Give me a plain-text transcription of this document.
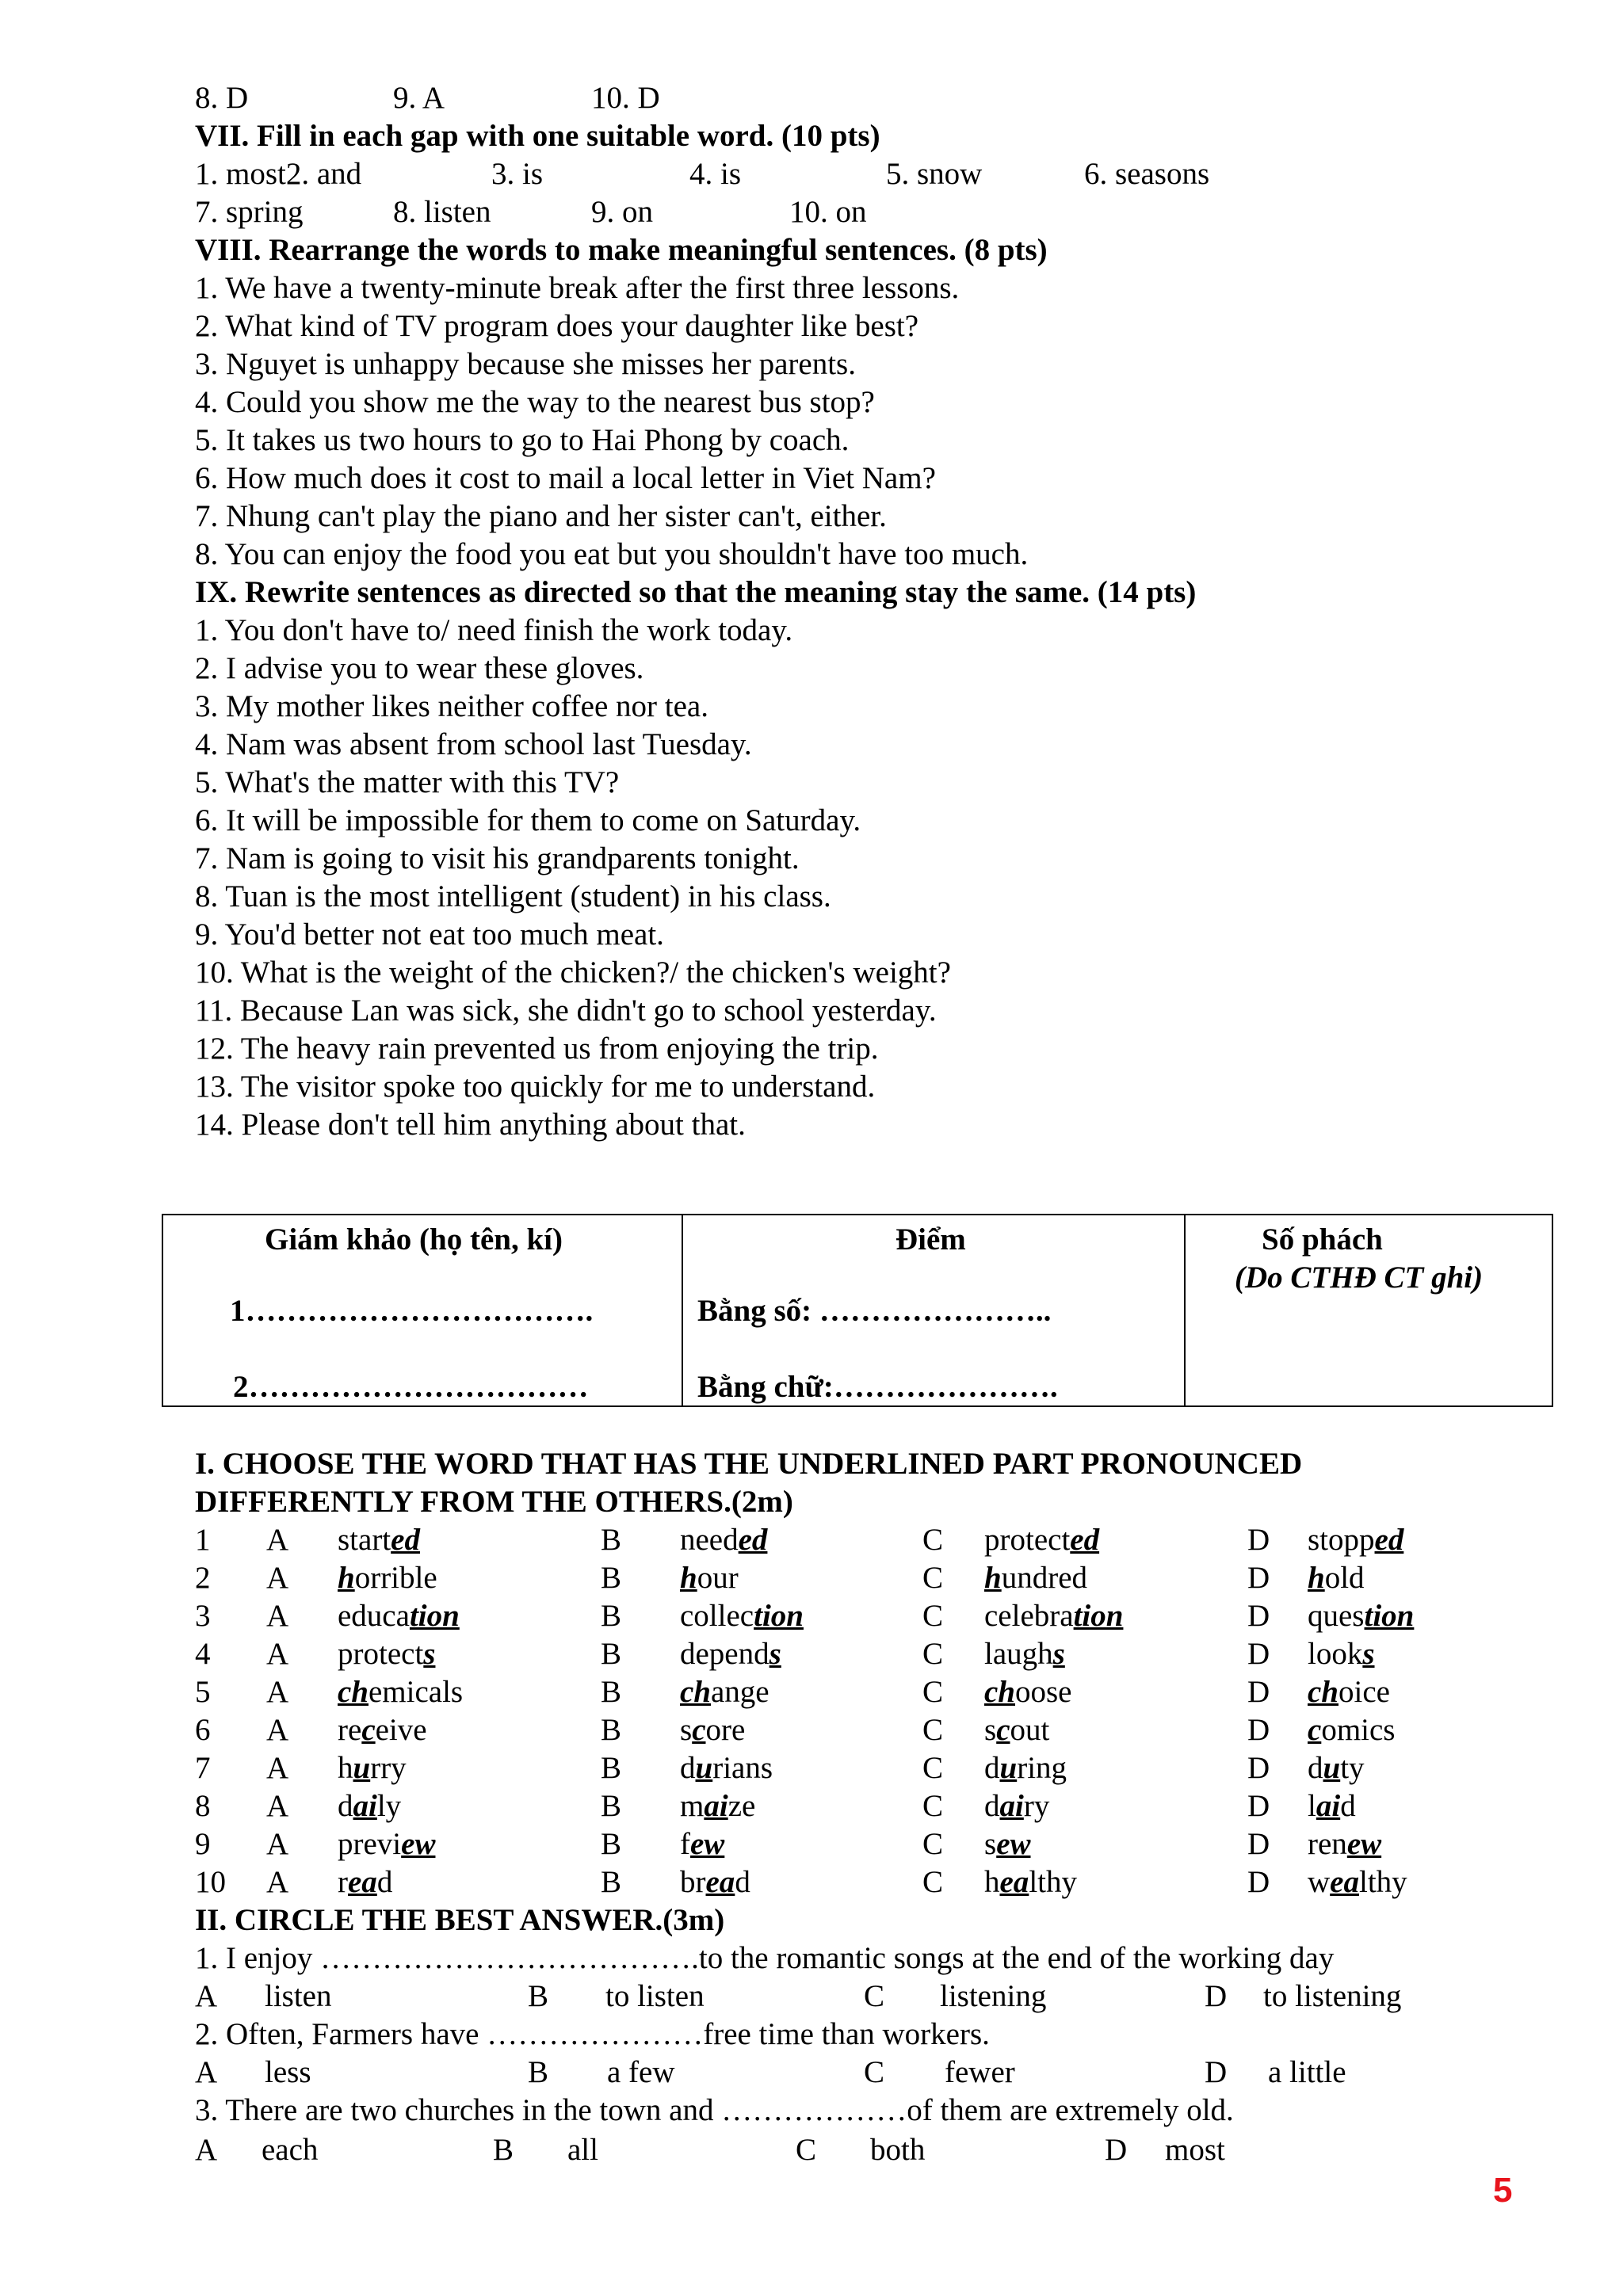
8. D	9. A	10. D
VII. Fill in each gap with one suitable word. (10 pts)
1. most2. and	3. is	4. is	5. snow	6. seasons
7. spring	8. listen	9. on	10. on
VIII. Rearrange the words to make meaningful sentences. (8 pts)
1. We have a twenty-minute break after the first three lessons.
2. What kind of TV program does your daughter like best?
3. Nguyet is unhappy because she misses her parents.
4. Could you show me the way to the nearest bus stop?
5. It takes us two hours to go to Hai Phong by coach.
6. How much does it cost to mail a local letter in Viet Nam?
7. Nhung can't play the piano and her sister can't, either.
8. You can enjoy the food you eat but you shouldn't have too much.
IX. Rewrite sentences as directed so that the meaning stay the same. (14 pts)
1. You don't have to/ need finish the work today.
2. I advise you to wear these gloves.
3. My mother likes neither coffee nor tea.
4. Nam was absent from school last Tuesday.
5. What's the matter with this TV?
6. It will be impossible for them to come on Saturday.
7. Nam is going to visit his grandparents tonight.
8. Tuan is the most intelligent (student) in his class.
9. You'd better not eat too much meat.
10. What is the weight of the chicken?/ the chicken's weight?
11. Because Lan was sick, she didn't go to school yesterday.
12. The heavy rain prevented us from enjoying the trip.
13. The visitor spoke too quickly for me to understand.
14. Please don't tell him anything about that.
Giám khảo (họ tên, kí)
1…………………………….
2……………………………

Điểm
Bằng số: …………………..
Bằng chữ:………………….

Số phách
(Do CTHĐ CT ghi)
I. CHOOSE THE WORD THAT HAS THE UNDERLINED PART PRONOUNCED
DIFFERENTLY FROM THE OTHERS.(2m)
1 A started	B needed	C protected	D stopped
2 A horrible	B hour	C hundred	D hold
3 A education	B collection	C celebration	D question
4 A protects	B depends	C laughs	D looks
5 A chemicals	B change	C choose	D choice
6 A receive	B score	C scout	D comics
7 A hurry	B durians	C during	D duty
8 A daily	B maize	C dairy	D laid
9 A preview	B few	C sew	D renew
10 A read	B bread	C healthy	D wealthy
II. CIRCLE THE BEST ANSWER.(3m)
1. I enjoy ……………………………….to the romantic songs at the end of the working day
A listen	B to listen	C listening	D to listening
2. Often, Farmers have …………………free time than workers.
A less	B a few	C fewer	D a little
3. There are two churches in the town and ………………of them are extremely old.
A each	B all	C both	D most
5
